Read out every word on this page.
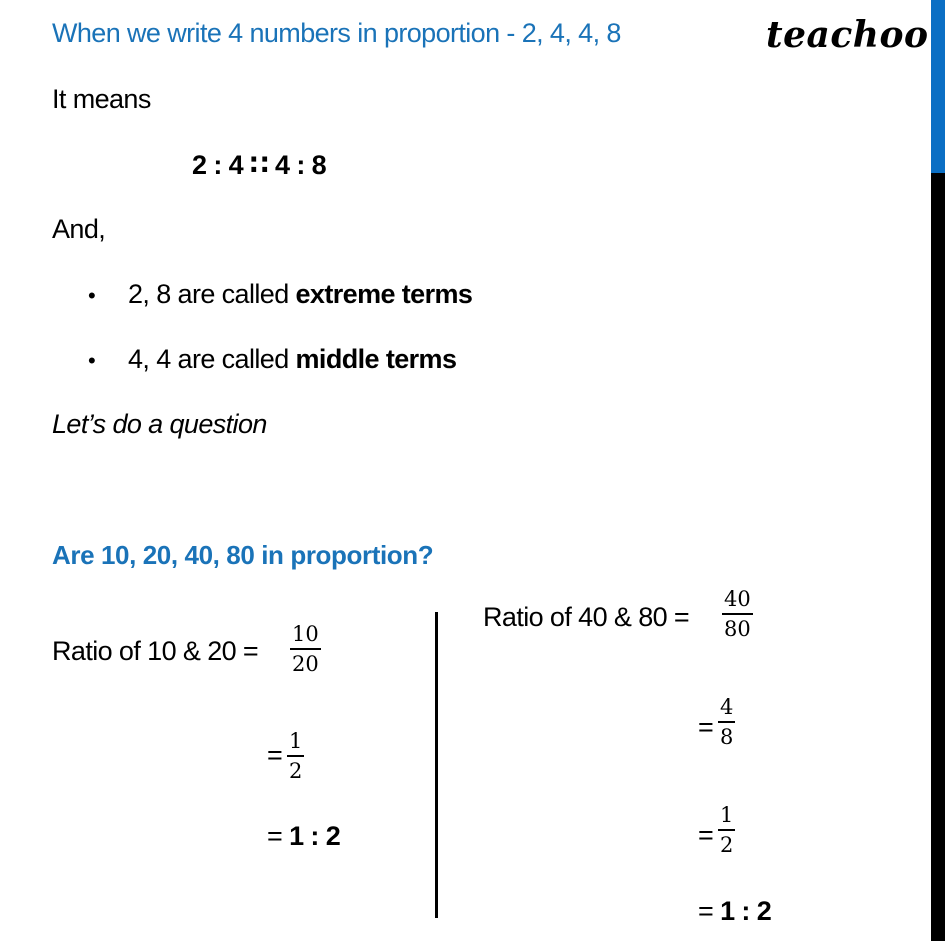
When we write 4 numbers in proportion - 2, 4, 4, 8	teachoo
It means
2 : 4 ∷ 4 : 8
And,
• 2, 8 are called extreme terms
• 4, 4 are called middle terms
Let’s do a question
Are 10, 20, 40, 80 in proportion?
Ratio of 10 & 20 =
10
20
= 1
2
= 1 : 2
Ratio of 40 & 80 =
40
80
=
4
8
=
1
2
= 1 : 2
